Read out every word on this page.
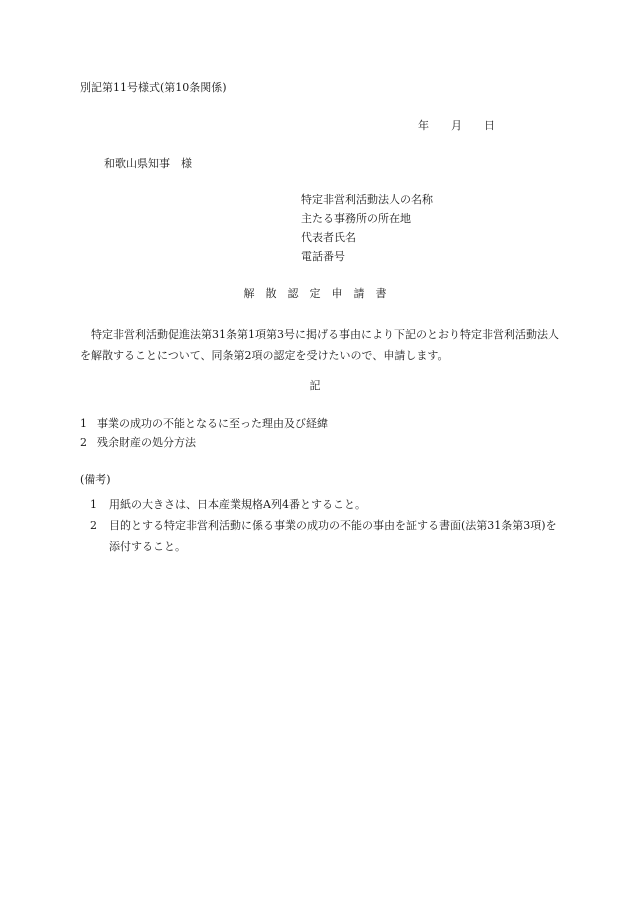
別記第11号様式(第10条関係)
年 月 日
和歌山県知事　様
特定非営利活動法人の名称
主たる事務所の所在地
代表者氏名
電話番号
解散認定申請書
特定非営利活動促進法第31条第1項第3号に掲げる事由により下記のとおり特定非営利活動法人を解散することについて、同条第2項の認定を受けたいので、申請します。
記
1 事業の成功の不能となるに至った理由及び経緯
2 残余財産の処分方法
(備考)
1 用紙の大きさは、日本産業規格A列4番とすること。
2 目的とする特定非営利活動に係る事業の成功の不能の事由を証する書面(法第31条第3項)を添付すること。
